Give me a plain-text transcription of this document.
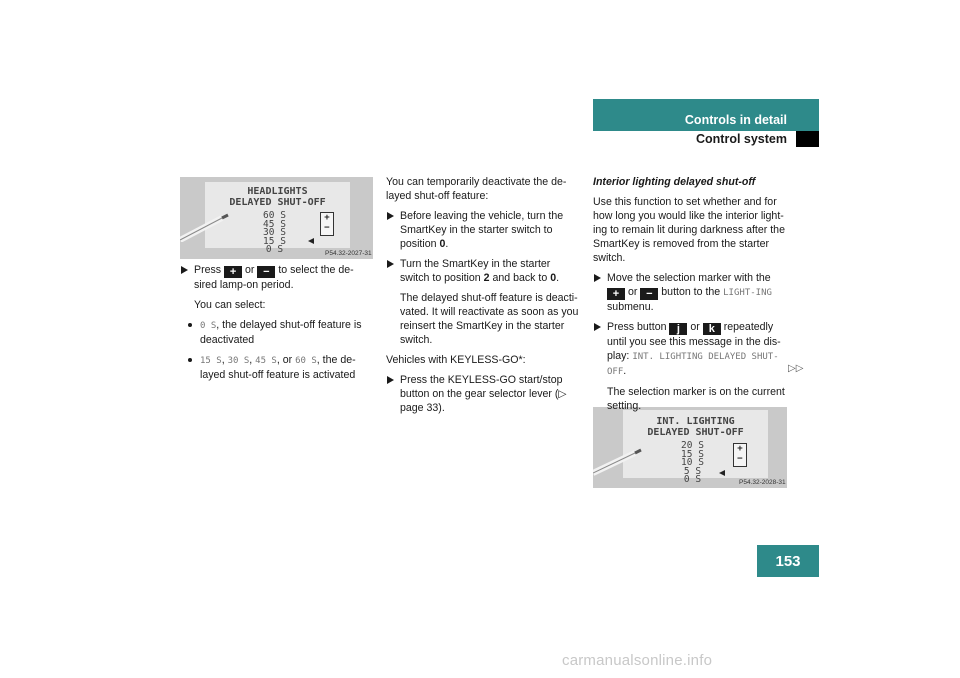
Controls in detail
Control system
HEADLIGHTS
DELAYED SHUT-OFF
60 S
45 S
30 S
15 S
0 S
+
−
P54.32-2027-31
INT. LIGHTING
DELAYED SHUT-OFF
20 S
15 S
10 S
5 S
0 S
+
−
P54.32-2028-31
Press + or − to select the de-sired lamp-on period.
You can select:
0 S, the delayed shut-off feature is deactivated
15 S, 30 S, 45 S, or 60 S, the de-layed shut-off feature is activated

You can temporarily deactivate the de-layed shut-off feature:

Before leaving the vehicle, turn the SmartKey in the starter switch to position 0.
Turn the SmartKey in the starter switch to position 2 and back to 0.
The delayed shut-off feature is deacti-vated. It will reactivate as soon as you reinsert the SmartKey in the starter switch.

Vehicles with KEYLESS-GO*:

Press the KEYLESS-GO start/stop button on the gear selector lever (▷ page 33).
Interior lighting delayed shut-off

Use this function to set whether and for how long you would like the interior light-ing to remain lit during darkness after the SmartKey is removed from the starter switch.

Move the selection marker with the + or − button to the LIGHT-ING submenu.
Press button j or k repeatedly until you see this message in the dis-play: INT. LIGHTING DELAYED SHUT-OFF.
The selection marker is on the current setting.
▷▷
153
carmanualsonline.info
